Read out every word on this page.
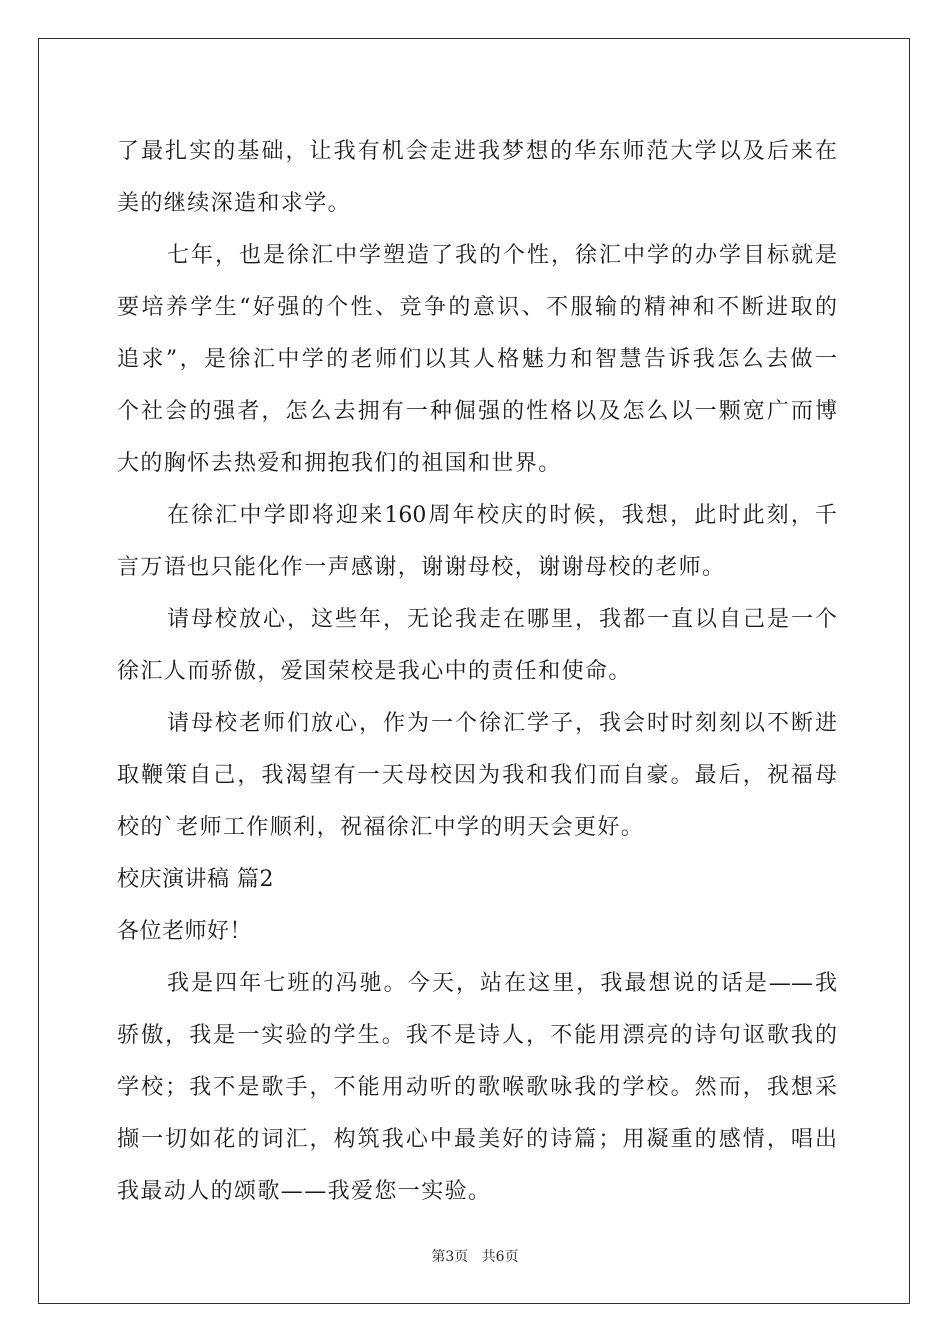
了最扎实的基础，让我有机会走进我梦想的华东师范大学以及后来在
美的继续深造和求学。
七年，也是徐汇中学塑造了我的个性，徐汇中学的办学目标就是
要培养学生“好强的个性、竞争的意识、不服输的精神和不断进取的
追求”，是徐汇中学的老师们以其人格魅力和智慧告诉我怎么去做一
个社会的强者，怎么去拥有一种倔强的性格以及怎么以一颗宽广而博
大的胸怀去热爱和拥抱我们的祖国和世界。
在徐汇中学即将迎来160周年校庆的时候，我想，此时此刻，千
言万语也只能化作一声感谢，谢谢母校，谢谢母校的老师。
请母校放心，这些年，无论我走在哪里，我都一直以自己是一个
徐汇人而骄傲，爱国荣校是我心中的责任和使命。
请母校老师们放心，作为一个徐汇学子，我会时时刻刻以不断进
取鞭策自己，我渴望有一天母校因为我和我们而自豪。最后，祝福母
校的`老师工作顺利，祝福徐汇中学的明天会更好。
校庆演讲稿 篇2
各位老师好！
我是四年七班的冯驰。今天，站在这里，我最想说的话是——我
骄傲，我是一实验的学生。我不是诗人，不能用漂亮的诗句讴歌我的
学校；我不是歌手，不能用动听的歌喉歌咏我的学校。然而，我想采
撷一切如花的词汇，构筑我心中最美好的诗篇；用凝重的感情，唱出
我最动人的颂歌——我爱您一实验。
第3页 共6页
